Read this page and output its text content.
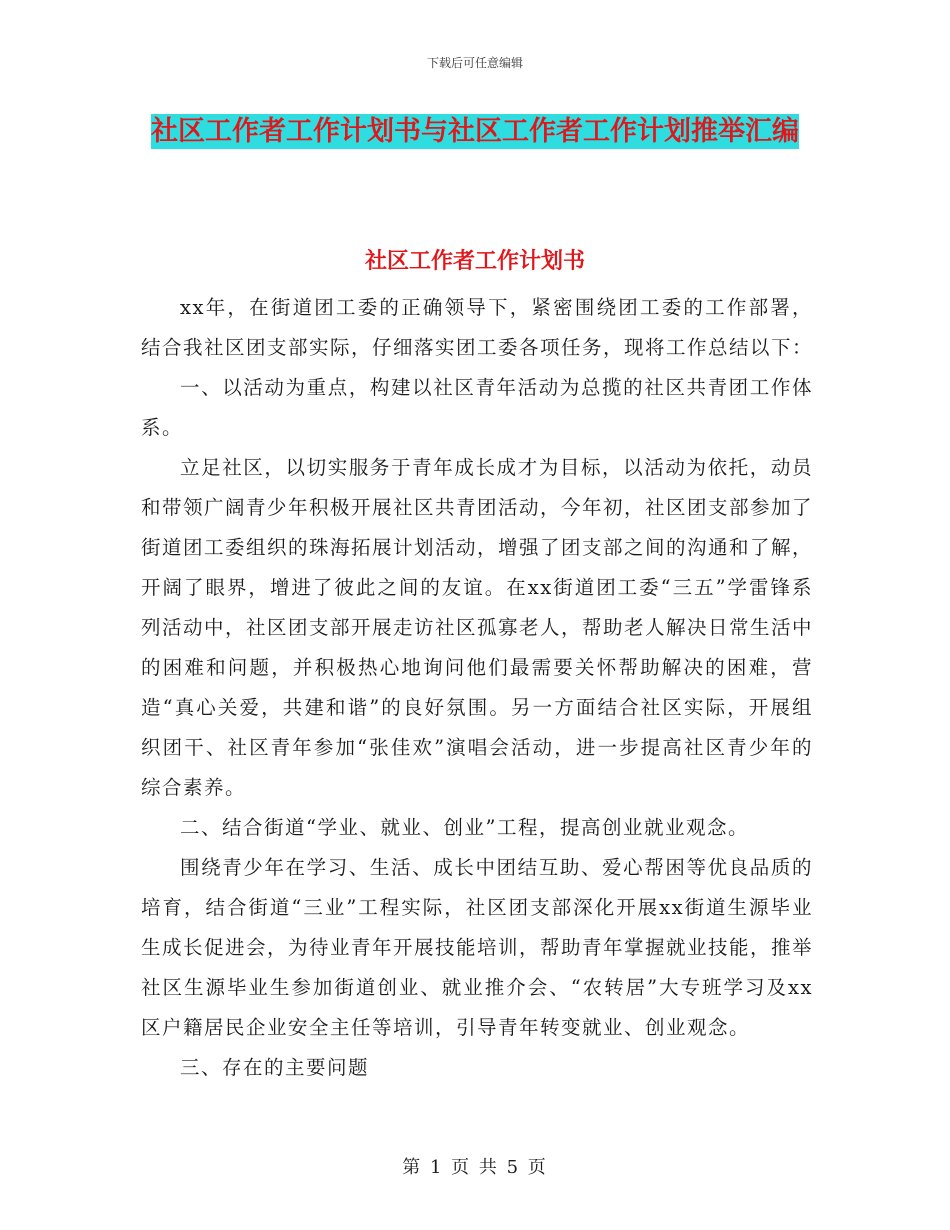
下载后可任意编辑
社区工作者工作计划书与社区工作者工作计划推举汇编
社区工作者工作计划书

xx年，在街道团工委的正确领导下，紧密围绕团工委的工作部署，结合我社区团支部实际，仔细落实团工委各项任务，现将工作总结以下：

一、以活动为重点，构建以社区青年活动为总揽的社区共青团工作体系。

立足社区，以切实服务于青年成长成才为目标，以活动为依托，动员和带领广阔青少年积极开展社区共青团活动，今年初，社区团支部参加了街道团工委组织的珠海拓展计划活动，增强了团支部之间的沟通和了解，开阔了眼界，增进了彼此之间的友谊。在xx街道团工委“三五”学雷锋系列活动中，社区团支部开展走访社区孤寡老人，帮助老人解决日常生活中的困难和问题，并积极热心地询问他们最需要关怀帮助解决的困难，营造“真心关爱，共建和谐”的良好氛围。另一方面结合社区实际，开展组织团干、社区青年参加“张佳欢”演唱会活动，进一步提高社区青少年的综合素养。

二、结合街道“学业、就业、创业”工程，提高创业就业观念。

围绕青少年在学习、生活、成长中团结互助、爱心帮困等优良品质的培育，结合街道“三业”工程实际，社区团支部深化开展xx街道生源毕业生成长促进会，为待业青年开展技能培训，帮助青年掌握就业技能，推举社区生源毕业生参加街道创业、就业推介会、“农转居”大专班学习及xx区户籍居民企业安全主任等培训，引导青年转变就业、创业观念。

三、存在的主要问题

第 1 页 共 5 页
